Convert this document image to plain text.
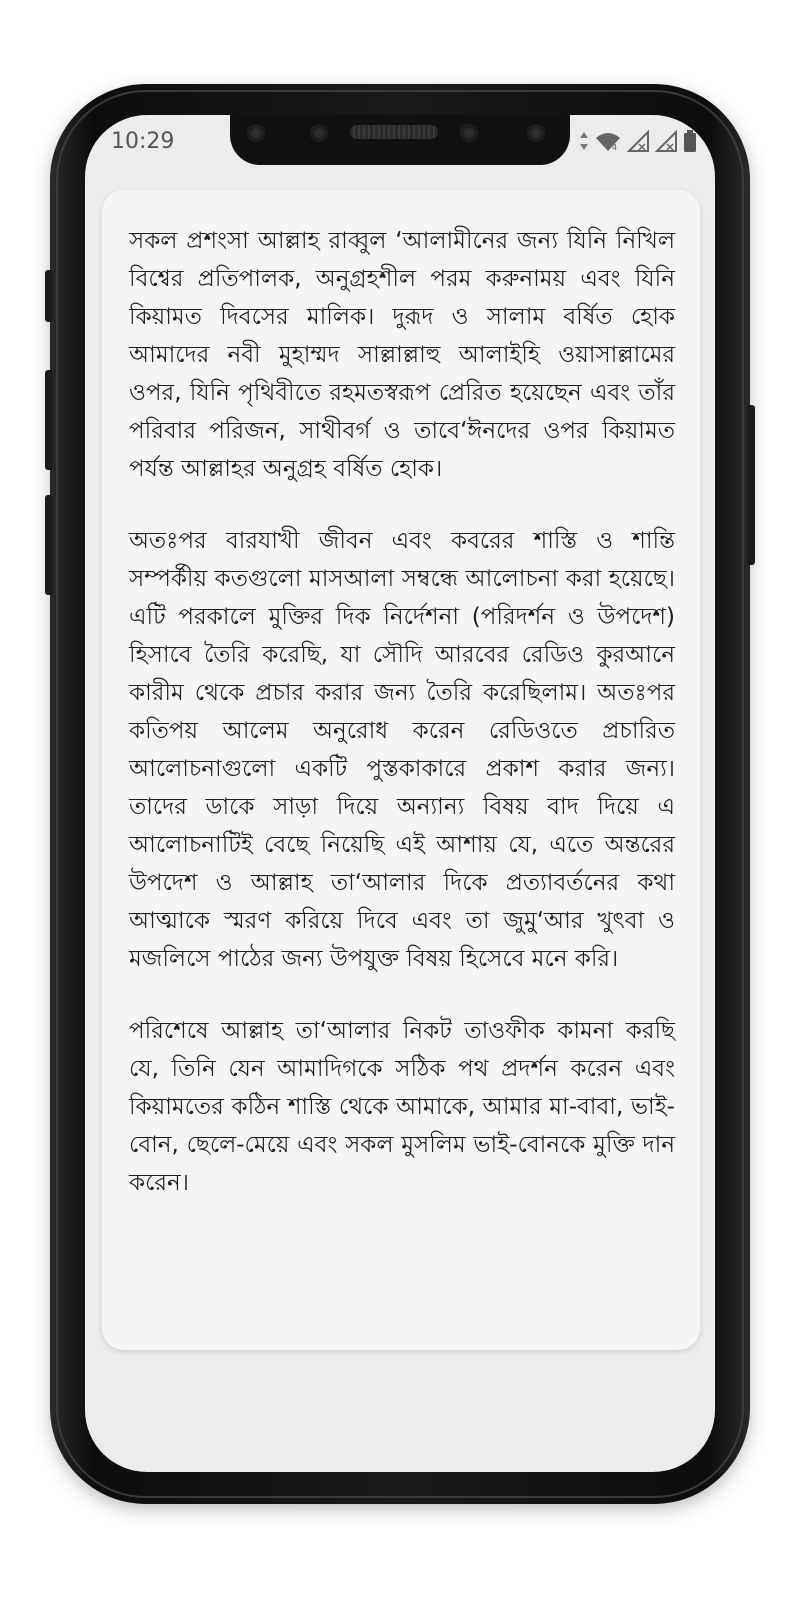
10:29	4

সকল প্রশংসা আল্লাহ রাব্বুল ‘আলামীনের জন্য যিনি নিখিল বিশ্বের প্রতিপালক, অনুগ্রহশীল পরম করুনাময় এবং যিনি কিয়ামত দিবসের মালিক। দুরূদ ও সালাম বর্ষিত হোক আমাদের নবী মুহাম্মদ সাল্লাল্লাহু আলাইহি ওয়াসাল্লামের ওপর, যিনি পৃথিবীতে রহমতস্বরূপ প্রেরিত হয়েছেন এবং তাঁর পরিবার পরিজন, সাথীবর্গ ও তাবে‘ঈনদের ওপর কিয়ামত পর্যন্ত আল্লাহর অনুগ্রহ বর্ষিত হোক।

অতঃপর বারযাখী জীবন এবং কবরের শাস্তি ও শান্তি সম্পর্কীয় কতগুলো মাসআলা সম্বন্ধে আলোচনা করা হয়েছে। এটি পরকালে মুক্তির দিক নির্দেশনা (পরিদর্শন ও উপদেশ) হিসাবে তৈরি করেছি, যা সৌদি আরবের রেডিও কুরআনে কারীম থেকে প্রচার করার জন্য তৈরি করেছিলাম। অতঃপর কতিপয় আলেম অনুরোধ করেন রেডিওতে প্রচারিত আলোচনাগুলো একটি পুস্তকাকারে প্রকাশ করার জন্য। তাদের ডাকে সাড়া দিয়ে অন্যান্য বিষয় বাদ দিয়ে এ আলোচনাটিই বেছে নিয়েছি এই আশায় যে, এতে অন্তরের উপদেশ ও আল্লাহ তা‘আলার দিকে প্রত্যাবর্তনের কথা আত্মাকে স্মরণ করিয়ে দিবে এবং তা জুমু‘আর খুৎবা ও মজলিসে পাঠের জন্য উপযুক্ত বিষয় হিসেবে মনে করি।

পরিশেষে আল্লাহ তা‘আলার নিকট তাওফীক কামনা করছি যে, তিনি যেন আমাদিগকে সঠিক পথ প্রদর্শন করেন এবং কিয়ামতের কঠিন শাস্তি থেকে আমাকে, আমার মা-বাবা, ভাই-বোন, ছেলে-মেয়ে এবং সকল মুসলিম ভাই-বোনকে মুক্তি দান করেন।
